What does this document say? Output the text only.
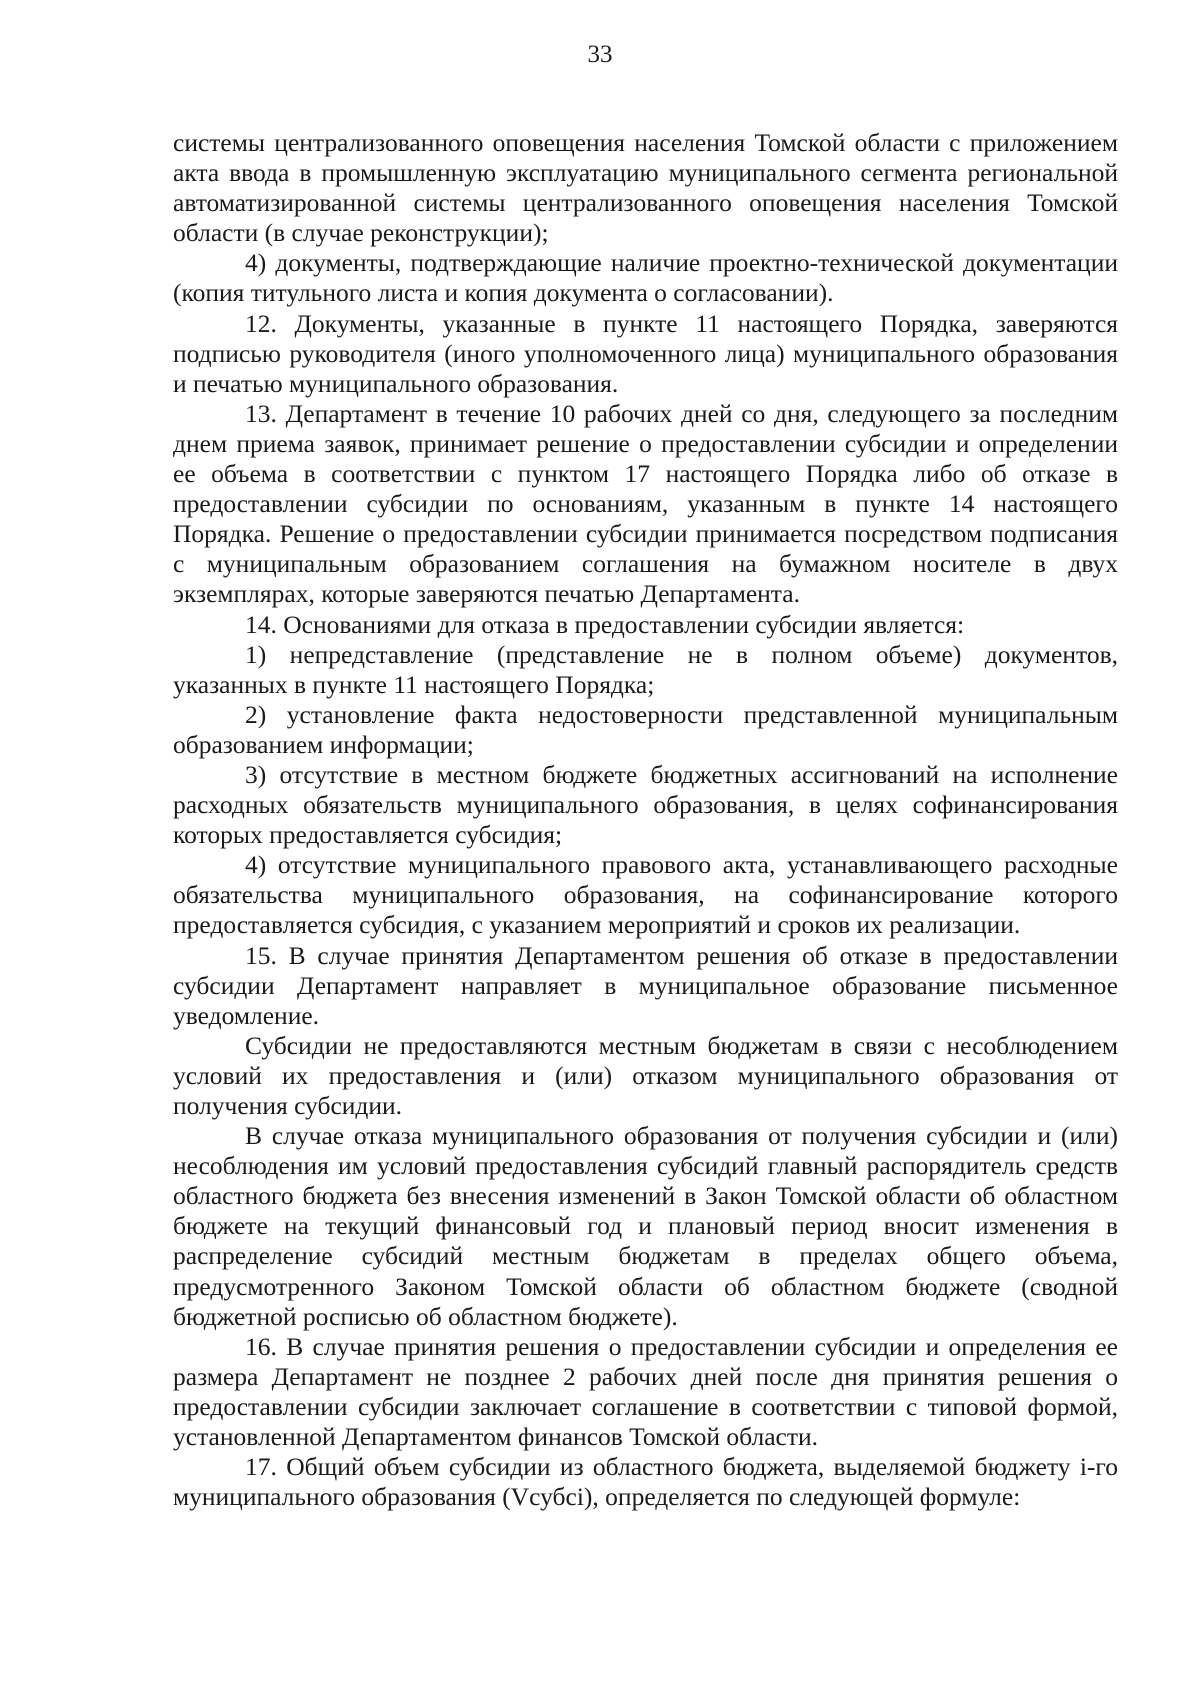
33

системы централизованного оповещения населения Томской области с приложением акта ввода в промышленную эксплуатацию муниципального сегмента региональной автоматизированной системы централизованного оповещения населения Томской области (в случае реконструкции);

4) документы, подтверждающие наличие проектно-технической документации (копия титульного листа и копия документа о согласовании).

12. Документы, указанные в пункте 11 настоящего Порядка, заверяются подписью руководителя (иного уполномоченного лица) муниципального образования и печатью муниципального образования.

13. Департамент в течение 10 рабочих дней со дня, следующего за последним днем приема заявок, принимает решение о предоставлении субсидии и определении ее объема в соответствии с пунктом 17 настоящего Порядка либо об отказе в предоставлении субсидии по основаниям, указанным в пункте 14 настоящего Порядка. Решение о предоставлении субсидии принимается посредством подписания с муниципальным образованием соглашения на бумажном носителе в двух экземплярах, которые заверяются печатью Департамента.

14. Основаниями для отказа в предоставлении субсидии является:

1) непредставление (представление не в полном объеме) документов, указанных в пункте 11 настоящего Порядка;

2) установление факта недостоверности представленной муниципальным образованием информации;

3) отсутствие в местном бюджете бюджетных ассигнований на исполнение расходных обязательств муниципального образования, в целях софинансирования которых предоставляется субсидия;

4) отсутствие муниципального правового акта, устанавливающего расходные обязательства муниципального образования, на софинансирование которого предоставляется субсидия, с указанием мероприятий и сроков их реализации.

15. В случае принятия Департаментом решения об отказе в предоставлении субсидии Департамент направляет в муниципальное образование письменное уведомление.

Субсидии не предоставляются местным бюджетам в связи с несоблюдением условий их предоставления и (или) отказом муниципального образования от получения субсидии.

В случае отказа муниципального образования от получения субсидии и (или) несоблюдения им условий предоставления субсидий главный распорядитель средств областного бюджета без внесения изменений в Закон Томской области об областном бюджете на текущий финансовый год и плановый период вносит изменения в распределение субсидий местным бюджетам в пределах общего объема, предусмотренного Законом Томской области об областном бюджете (сводной бюджетной росписью об областном бюджете).

16. В случае принятия решения о предоставлении субсидии и определения ее размера Департамент не позднее 2 рабочих дней после дня принятия решения о предоставлении субсидии заключает соглашение в соответствии с типовой формой, установленной Департаментом финансов Томской области.

17. Общий объем субсидии из областного бюджета, выделяемой бюджету i-го муниципального образования (Vсубсi), определяется по следующей формуле:
